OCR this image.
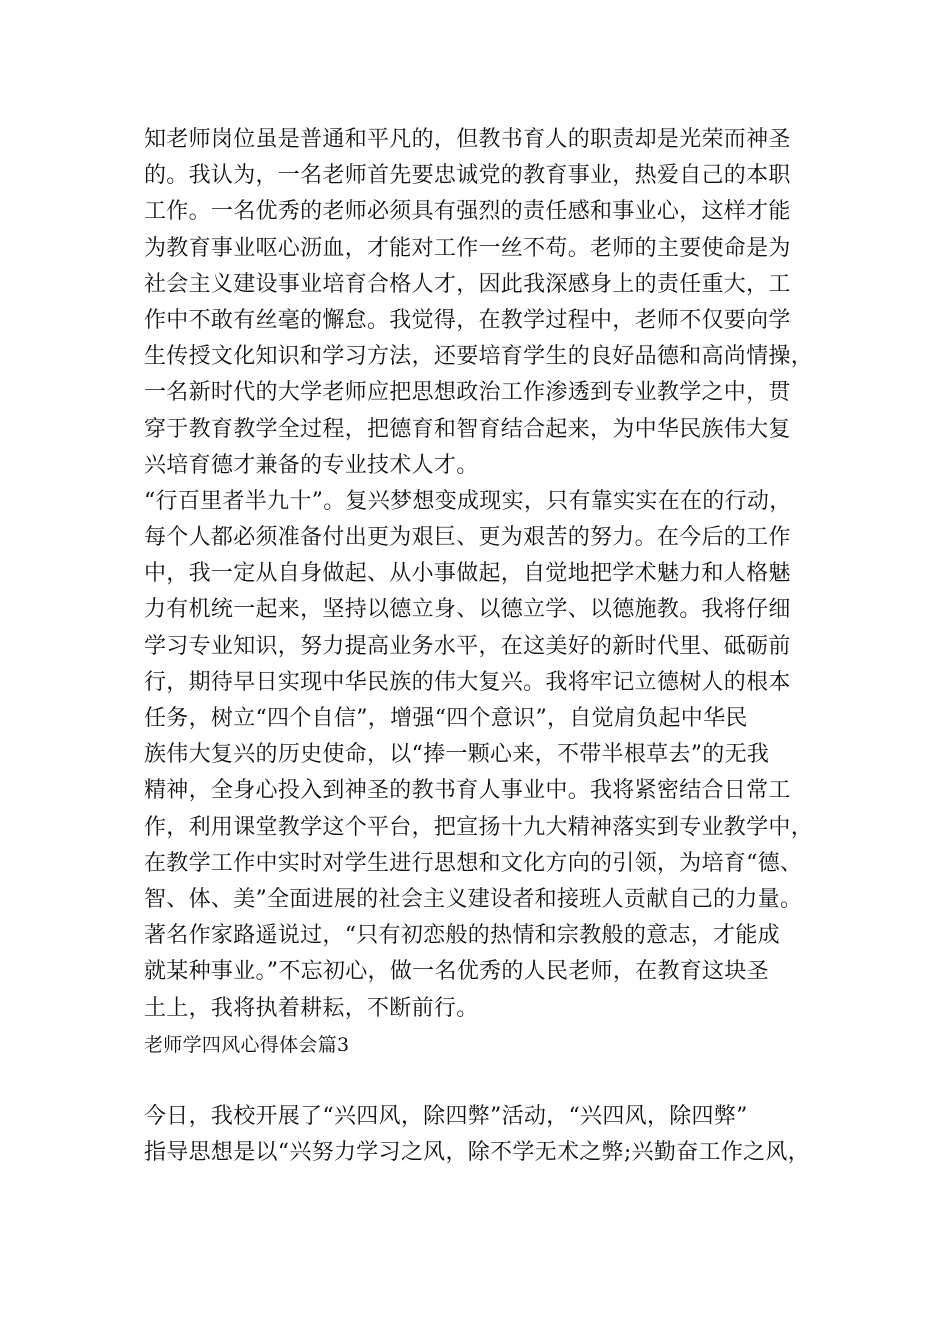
知老师岗位虽是普通和平凡的，但教书育人的职责却是光荣而神圣
的。我认为，一名老师首先要忠诚党的教育事业，热爱自己的本职
工作。一名优秀的老师必须具有强烈的责任感和事业心，这样才能
为教育事业呕心沥血，才能对工作一丝不苟。老师的主要使命是为
社会主义建设事业培育合格人才，因此我深感身上的责任重大，工
作中不敢有丝毫的懈怠。我觉得，在教学过程中，老师不仅要向学
生传授文化知识和学习方法，还要培育学生的良好品德和高尚情操，
一名新时代的大学老师应把思想政治工作渗透到专业教学之中，贯
穿于教育教学全过程，把德育和智育结合起来，为中华民族伟大复
兴培育德才兼备的专业技术人才。
“行百里者半九十”。复兴梦想变成现实，只有靠实实在在的行动，
每个人都必须准备付出更为艰巨、更为艰苦的努力。在今后的工作
中，我一定从自身做起、从小事做起，自觉地把学术魅力和人格魅
力有机统一起来，坚持以德立身、以德立学、以德施教。我将仔细
学习专业知识，努力提高业务水平，在这美好的新时代里、砥砺前
行，期待早日实现中华民族的伟大复兴。我将牢记立德树人的根本
任务，树立“四个自信”，增强“四个意识”，自觉肩负起中华民
族伟大复兴的历史使命，以“捧一颗心来，不带半根草去”的无我
精神，全身心投入到神圣的教书育人事业中。我将紧密结合日常工
作，利用课堂教学这个平台，把宣扬十九大精神落实到专业教学中，
在教学工作中实时对学生进行思想和文化方向的引领，为培育“德、
智、体、美”全面进展的社会主义建设者和接班人贡献自己的力量。
著名作家路遥说过，“只有初恋般的热情和宗教般的意志，才能成
就某种事业。”不忘初心，做一名优秀的人民老师，在教育这块圣
土上，我将执着耕耘，不断前行。
老师学四风心得体会篇3
今日，我校开展了“兴四风，除四弊”活动，“兴四风，除四弊”
指导思想是以“兴努力学习之风，除不学无术之弊;兴勤奋工作之风，
